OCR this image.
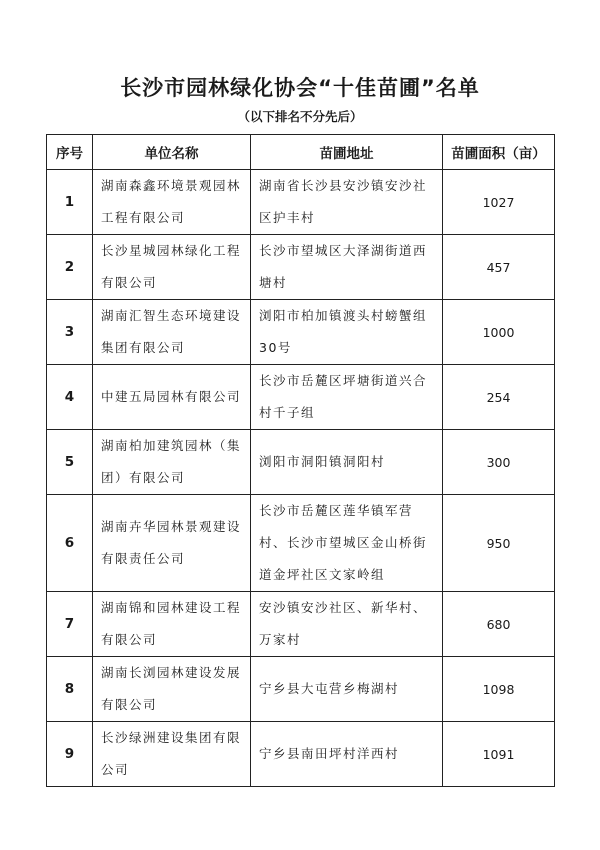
长沙市园林绿化协会“十佳苗圃”名单
（以下排名不分先后）
序号	单位名称	苗圃地址	苗圃面积（亩）
1	湖南森鑫环境景观园林工程有限公司	湖南省长沙县安沙镇安沙社区护丰村	1027
2	长沙星城园林绿化工程有限公司	长沙市望城区大泽湖街道西塘村	457
3	湖南汇智生态环境建设集团有限公司	浏阳市柏加镇渡头村螃蟹组30号	1000
4	中建五局园林有限公司	长沙市岳麓区坪塘街道兴合村千子组	254
5	湖南柏加建筑园林（集团）有限公司	浏阳市洞阳镇洞阳村	300
6	湖南卉华园林景观建设有限责任公司	长沙市岳麓区莲华镇军营村、长沙市望城区金山桥街道金坪社区文家岭组	950
7	湖南锦和园林建设工程有限公司	安沙镇安沙社区、新华村、万家村	680
8	湖南长浏园林建设发展有限公司	宁乡县大屯营乡梅湖村	1098
9	长沙绿洲建设集团有限公司	宁乡县南田坪村洋西村	1091
